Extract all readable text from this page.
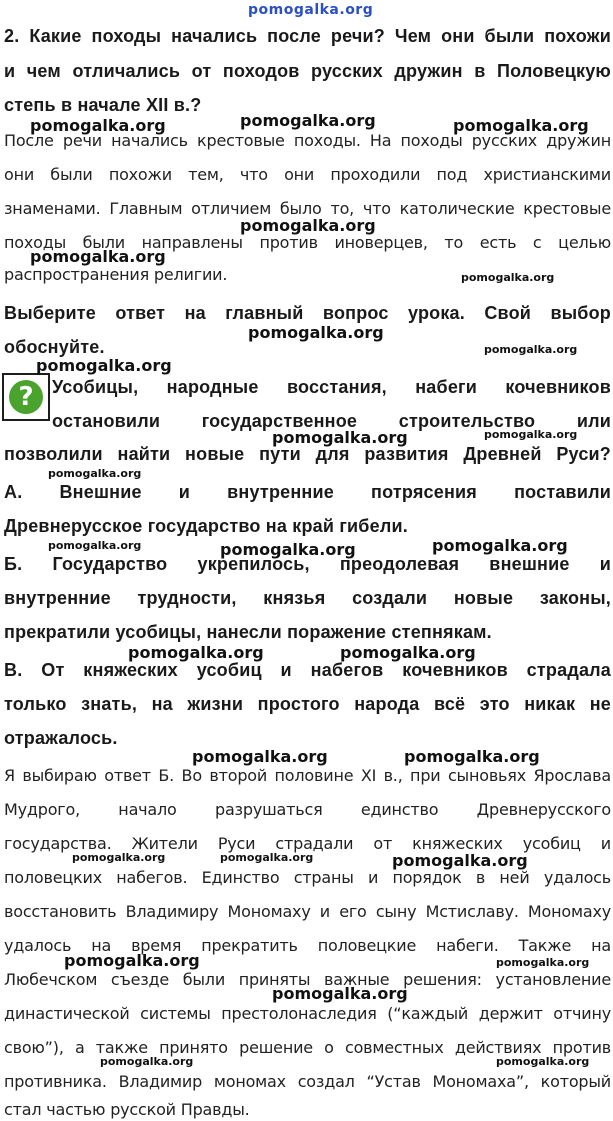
pomogalka.org
2. Какие походы начались после речи? Чем они были похожи
и чем отличались от походов русских дружин в Половецкую
степь в начале XII в.?
После речи начались крестовые походы. На походы русских дружин
они были похожи тем, что они проходили под христианскими
знаменами. Главным отличием было то, что католические крестовые
походы были направлены против иноверцев, то есть с целью
распространения религии.
Выберите ответ на главный вопрос урока. Свой выбор
обоснуйте.
?	Усобицы, народные восстания, набеги кочевников
остановили государственное строительство или
позволили найти новые пути для развития Древней Руси?
А. Внешние и внутренние потрясения поставили
Древнерусское государство на край гибели.
Б. Государство укрепилось, преодолевая внешние и
внутренние трудности, князья создали новые законы,
прекратили усобицы, нанесли поражение степнякам.
В. От княжеских усобиц и набегов кочевников страдала
только знать, на жизни простого народа всё это никак не
отражалось.
Я выбираю ответ Б. Во второй половине XI в., при сыновьях Ярослава
Мудрого, начало разрушаться единство Древнерусского
государства. Жители Руси страдали от княжеских усобиц и
половецких набегов. Единство страны и порядок в ней удалось
восстановить Владимиру Мономаху и его сыну Мстиславу. Мономаху
удалось на время прекратить половецкие набеги. Также на
Любечском съезде были приняты важные решения: установление
династической системы престолонаследия (“каждый держит отчину
свою”), а также принято решение о совместных действиях против
противника. Владимир мономах создал “Устав Мономаха”, который
стал частью русской Правды.
pomogalka.org	pomogalka.org	pomogalka.org
pomogalka.org
pomogalka.org
pomogalka.org
pomogalka.org
pomogalka.org
pomogalka.org
pomogalka.org	pomogalka.org
pomogalka.org
pomogalka.org	pomogalka.org	pomogalka.org
pomogalka.org	pomogalka.org
pomogalka.org	pomogalka.org
pomogalka.org	pomogalka.org	pomogalka.org
pomogalka.org	pomogalka.org
pomogalka.org
pomogalka.org	pomogalka.org
